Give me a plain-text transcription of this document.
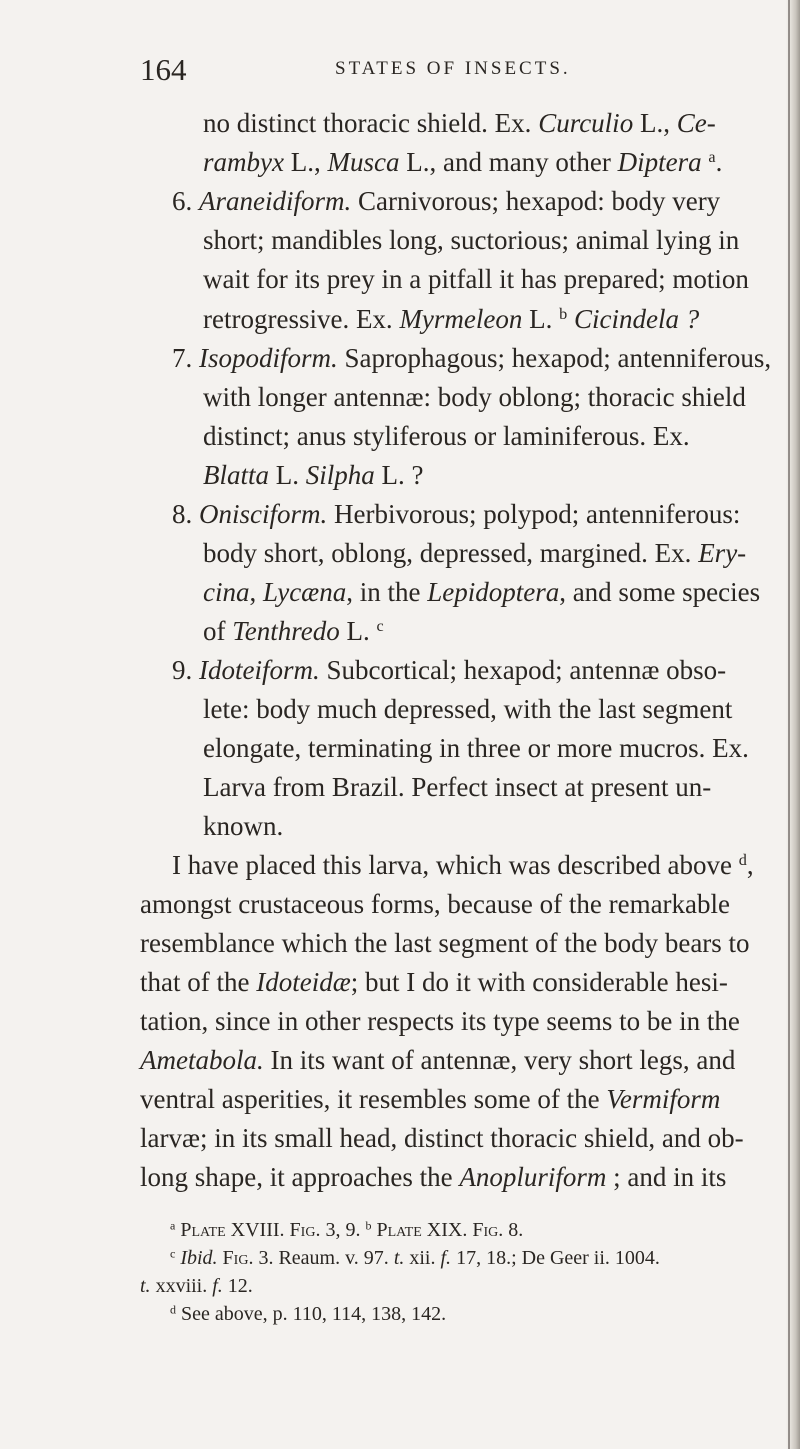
164	STATES OF INSECTS.
no distinct thoracic shield. Ex. Curculio L., Ce-
rambyx L., Musca L., and many other Diptera $^a$.
6. Araneidiform. Carnivorous; hexapod: body very
short; mandibles long, suctorious; animal lying in
wait for its prey in a pitfall it has prepared; motion
retrogressive. Ex. Myrmeleon L. $^b$ Cicindela ?
7. Isopodiform. Saprophagous; hexapod; antenniferous,
with longer antennæ: body oblong; thoracic shield
distinct; anus styliferous or laminiferous. Ex.
Blatta L. Silpha L. ?
8. Onisciform. Herbivorous; polypod; antenniferous:
body short, oblong, depressed, margined. Ex. Ery-
cina, Lycæna, in the Lepidoptera, and some species
of Tenthredo L. $^c$
9. Idoteiform. Subcortical; hexapod; antennæ obso-
lete: body much depressed, with the last segment
elongate, terminating in three or more mucros. Ex.
Larva from Brazil. Perfect insect at present un-
known.
I have placed this larva, which was described above $^d$,
amongst crustaceous forms, because of the remarkable
resemblance which the last segment of the body bears to
that of the Idoteidæ; but I do it with considerable hesi-
tation, since in other respects its type seems to be in the
Ametabola. In its want of antennæ, very short legs, and
ventral asperities, it resembles some of the Vermiform
larvæ; in its small head, distinct thoracic shield, and ob-
long shape, it approaches the Anopluriform ; and in its
$^a$ Plate XVIII. Fig. 3, 9. $^b$ Plate XIX. Fig. 8.
$^c$ Ibid. Fig. 3. Reaum. v. 97. t. xii. f. 17, 18.; De Geer ii. 1004.
t. xxviii. f. 12.
$^d$ See above, p. 110, 114, 138, 142.
